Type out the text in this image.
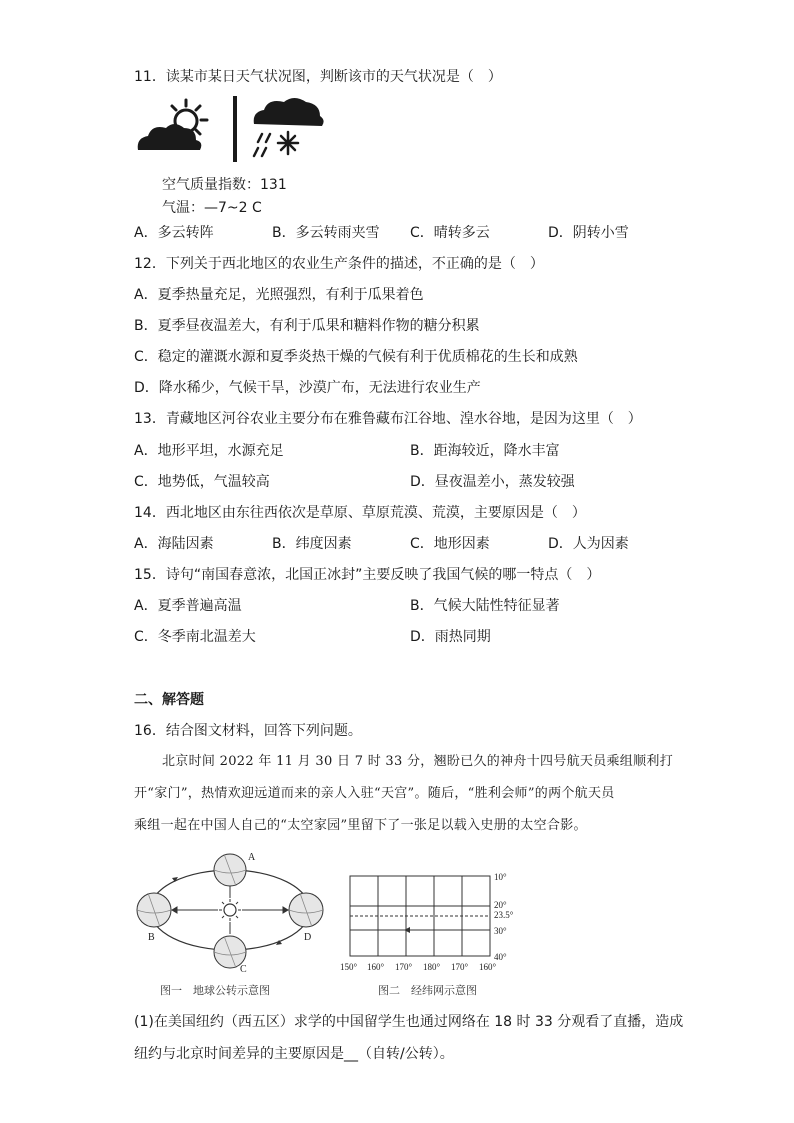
11．读某市某日天气状况图，判断该市的天气状况是（　）
空气质量指数：131
气温：—7~2 C
A．多云转阵	B．多云转雨夹雪 C．晴转多云	D．阴转小雪
12．下列关于西北地区的农业生产条件的描述，不正确的是（　）
A．夏季热量充足，光照强烈，有利于瓜果着色
B．夏季昼夜温差大，有利于瓜果和糖料作物的糖分积累
C．稳定的灌溉水源和夏季炎热干燥的气候有利于优质棉花的生长和成熟
D．降水稀少，气候干旱，沙漠广布，无法进行农业生产
13．青藏地区河谷农业主要分布在雅鲁藏布江谷地、湟水谷地，是因为这里（　）
A．地形平坦，水源充足	B．距海较近，降水丰富
C．地势低，气温较高	D．昼夜温差小，蒸发较强
14．西北地区由东往西依次是草原、草原荒漠、荒漠，主要原因是（　）
A．海陆因素	B．纬度因素	C．地形因素	D．人为因素
15．诗句“南国春意浓，北国正冰封”主要反映了我国气候的哪一特点（　）
A．夏季普遍高温	B．气候大陆性特征显著
C．冬季南北温差大	D．雨热同期
二、解答题
16．结合图文材料，回答下列问题。
北京时间 2022 年 11 月 30 日 7 时 33 分，翘盼已久的神舟十四号航天员乘组顺利打
开“家门”，热情欢迎远道而来的亲人入驻“天宫”。随后，“胜利会师”的两个航天员
乘组一起在中国人自己的“太空家园”里留下了一张足以载入史册的太空合影。
A
B
C
D
图一　地球公转示意图
10°
20°
23.5°
30°
40°
150° 160° 170° 180° 170° 160°
图二　经纬网示意图
(1)在美国纽约（西五区）求学的中国留学生也通过网络在 18 时 33 分观看了直播，造成
纽约与北京时间差异的主要原因是__（自转/公转）。
